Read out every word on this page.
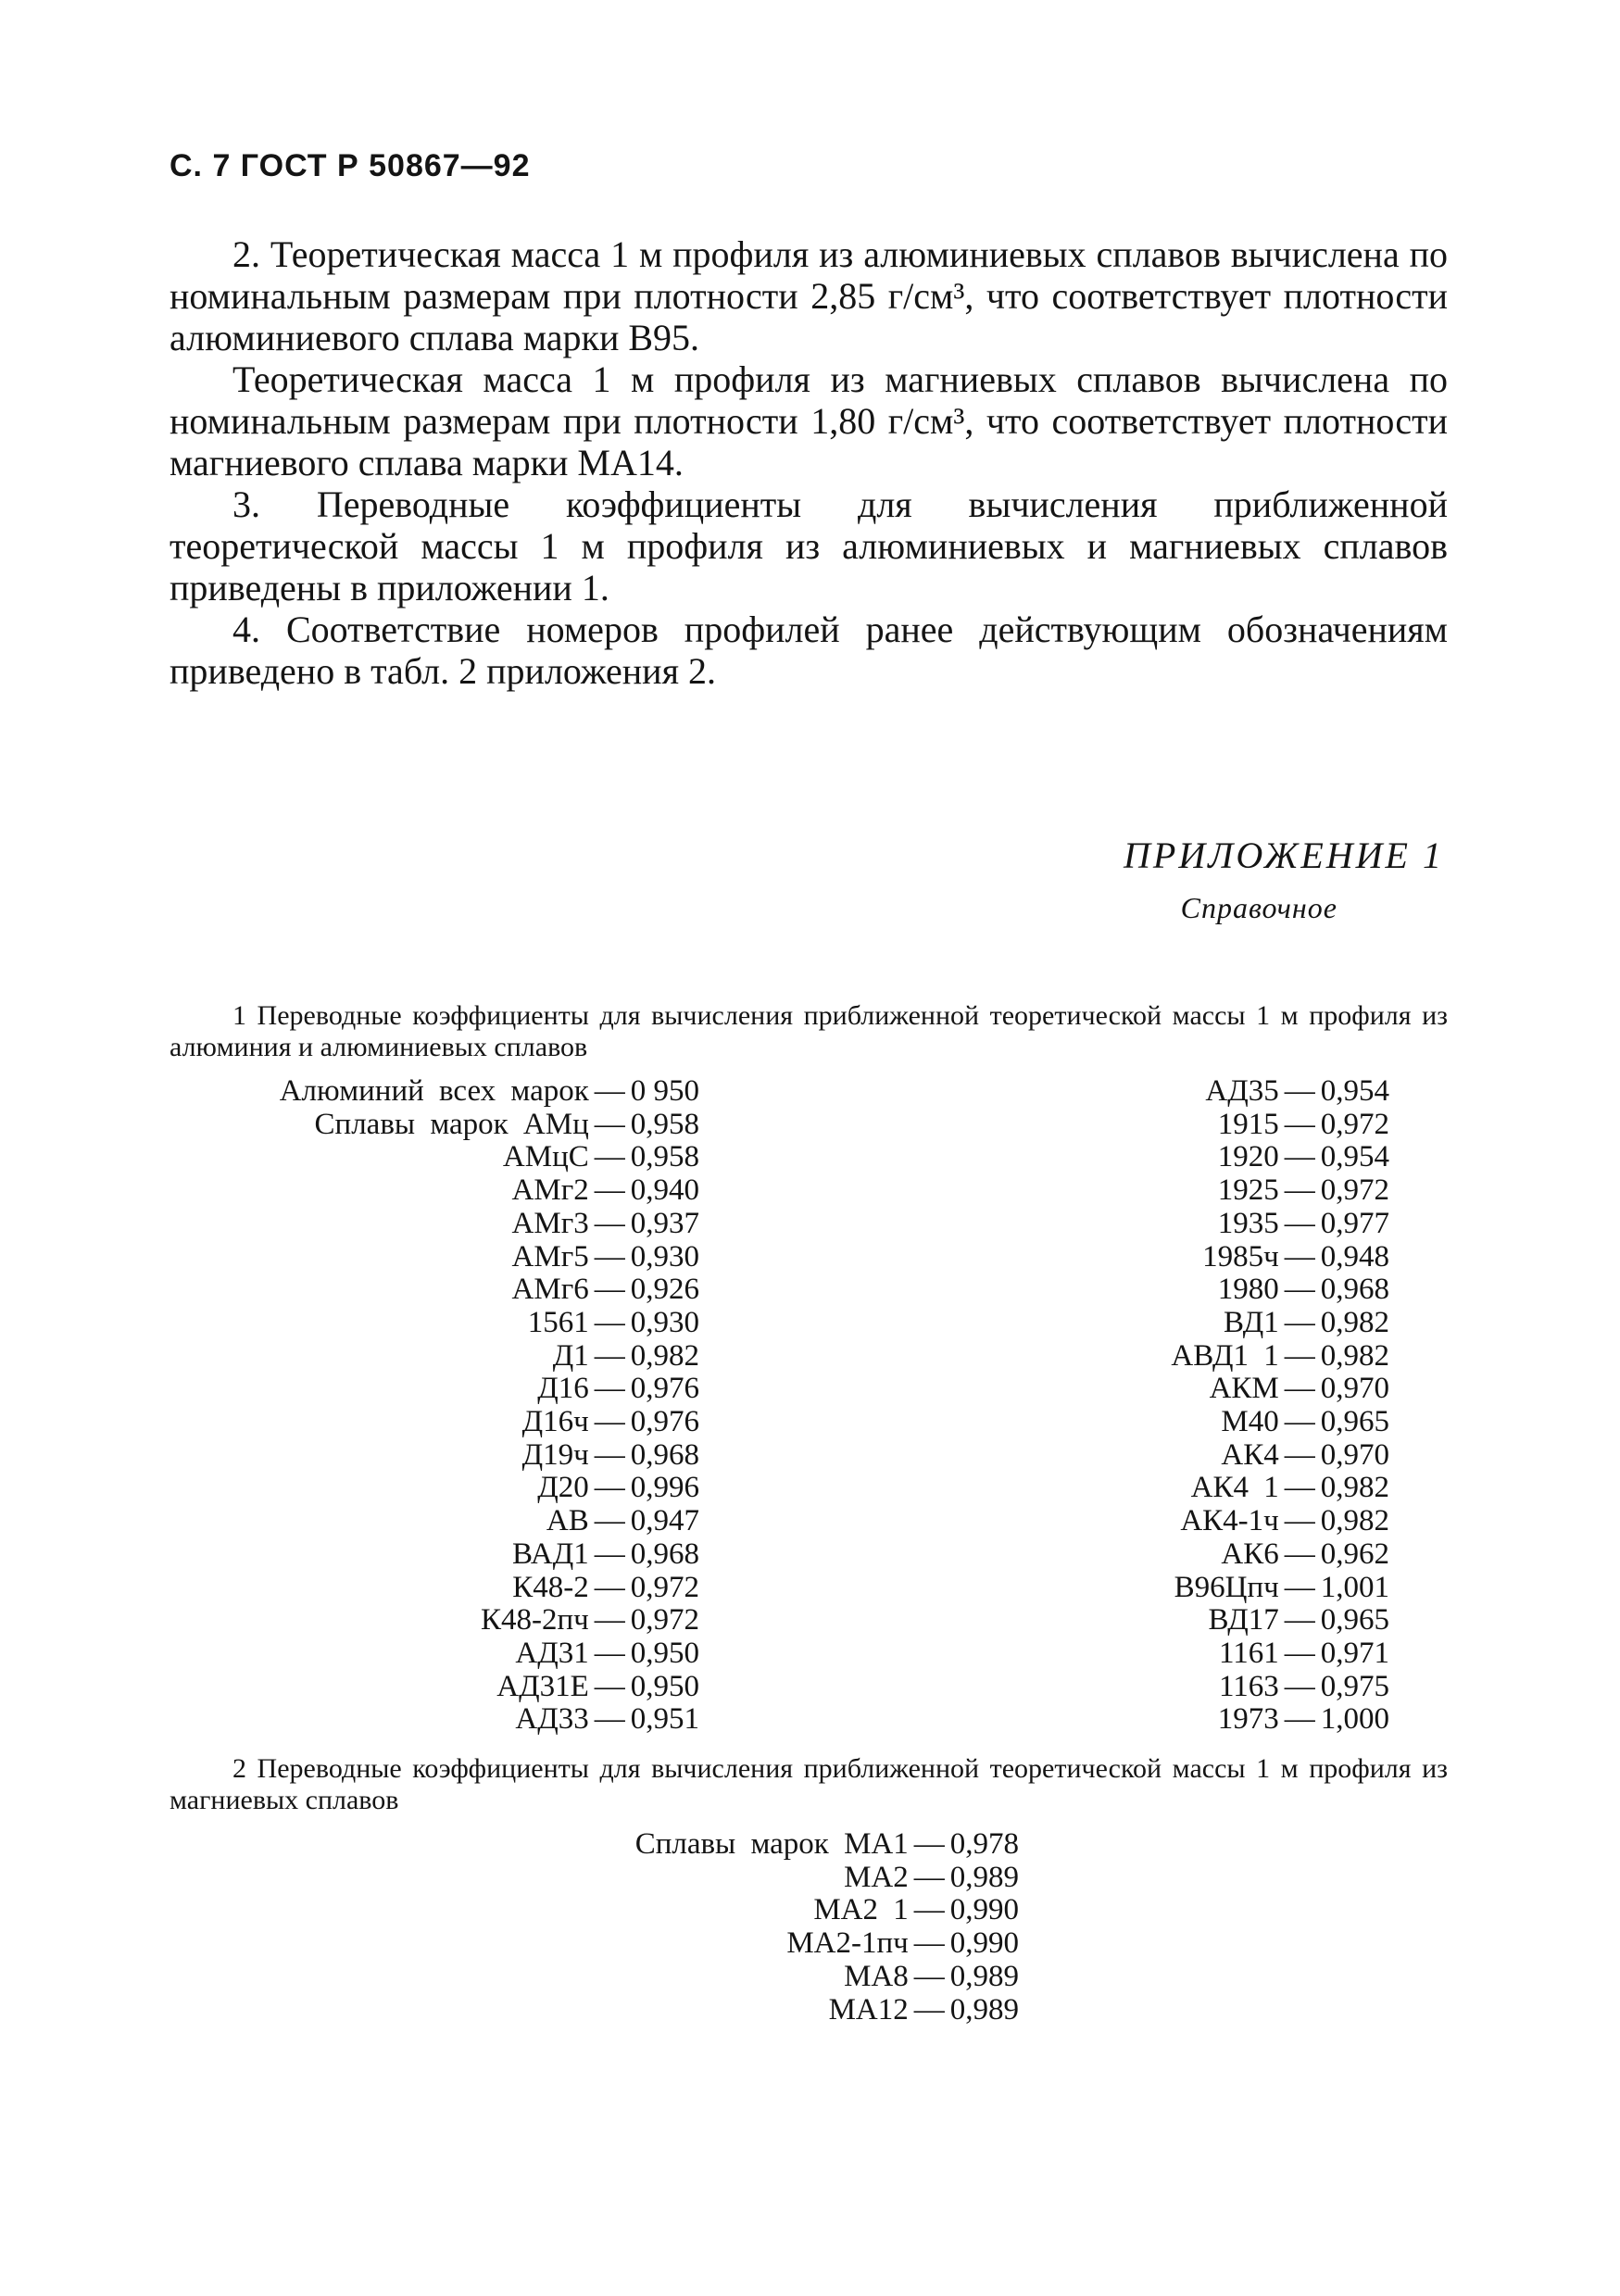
С. 7 ГОСТ Р 50867—92

2. Теоретическая масса 1 м профиля из алюминиевых сплавов вычислена по номинальным размерам при плотности 2,85 г/см³, что соответствует плотности алюминиевого сплава марки В95.

Теоретическая масса 1 м профиля из магниевых сплавов вычислена по номинальным размерам при плотности 1,80 г/см³, что соответствует плотности магниевого сплава марки МА14.

3. Переводные коэффициенты для вычисления приближенной теоретической массы 1 м профиля из алюминиевых и магниевых сплавов приведены в приложении 1.

4. Соответствие номеров профилей ранее действующим обозначениям приведено в табл. 2 приложения 2.

ПРИЛОЖЕНИЕ 1
Справочное

1 Переводные коэффициенты для вычисления приближенной теоретической массы 1 м профиля из алюминия и алюминиевых сплавов

Алюминий всех марок — 0 950
Сплавы марок АМц — 0,958
АМцС — 0,958
АМг2 — 0,940
АМг3 — 0,937
АМг5 — 0,930
АМг6 — 0,926
1561 — 0,930
Д1 — 0,982
Д16 — 0,976
Д16ч — 0,976
Д19ч — 0,968
Д20 — 0,996
АВ — 0,947
ВАД1 — 0,968
К48-2 — 0,972
К48-2пч — 0,972
АД31 — 0,950
АД31Е — 0,950
АД33 — 0,951
АД35 — 0,954
1915 — 0,972
1920 — 0,954
1925 — 0,972
1935 — 0,977
1985ч — 0,948
1980 — 0,968
ВД1 — 0,982
АВД1 1 — 0,982
АКМ — 0,970
М40 — 0,965
АК4 — 0,970
АК4 1 — 0,982
АК4-1ч — 0,982
АК6 — 0,962
В96Цпч — 1,001
ВД17 — 0,965
1161 — 0,971
1163 — 0,975
1973 — 1,000

2 Переводные коэффициенты для вычисления приближенной теоретической массы 1 м профиля из магниевых сплавов

Сплавы марок МА1 — 0,978
МА2 — 0,989
МА2 1 — 0,990
МА2-1пч — 0,990
МА8 — 0,989
МА12 — 0,989
